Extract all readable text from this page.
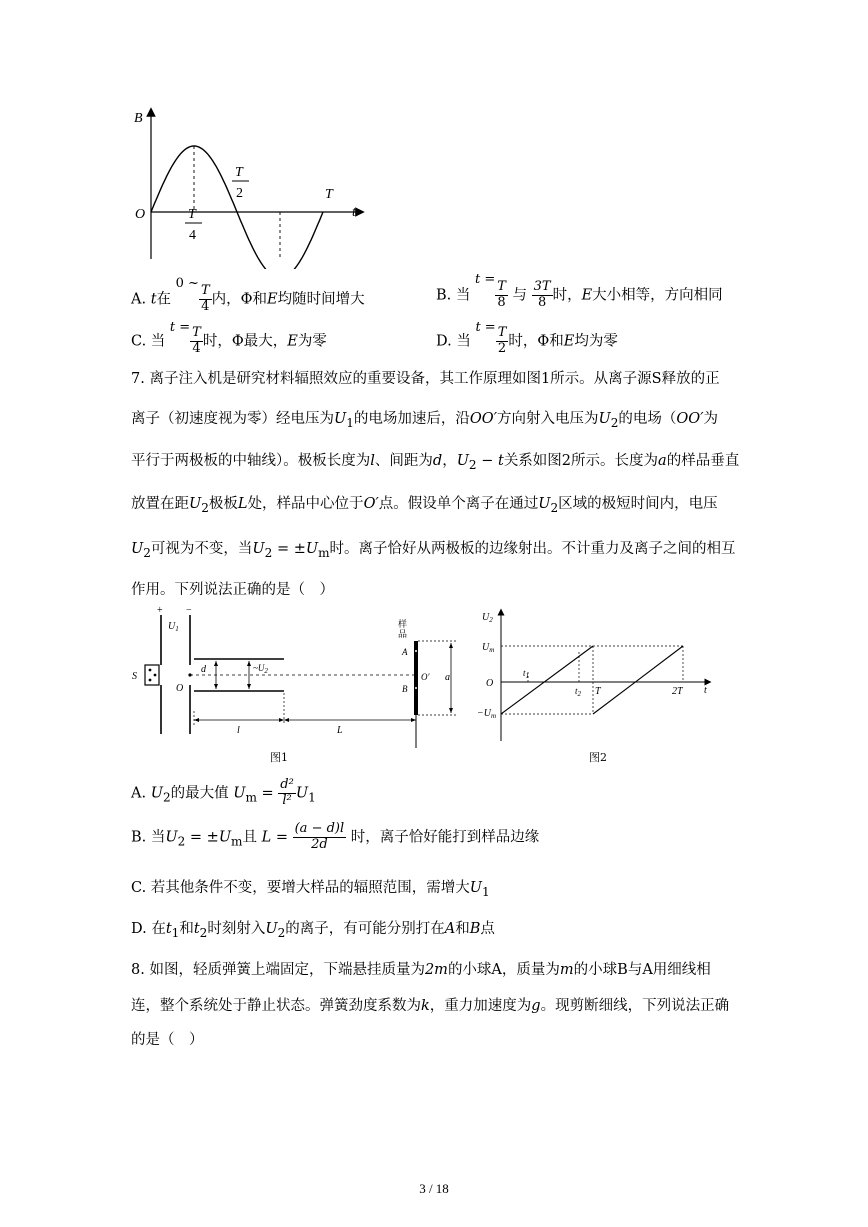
B
t
O	T
4
T
2	T
A. t在 0 ~
$\frac{T}{4}$ 内，Φ和E均随时间增大	B. 当 t =
$\frac{T}{8}$ 与 $\frac{3T}{8}$ 时，E大小相等，方向相同
C. 当 $t = \frac{T}{4}$ 时，Φ最大，E为零	D. 当 $t = \frac{T}{2}$ 时，Φ和E均为零
7. 离子注入机是研究材料辐照效应的重要设备，其工作原理如图1所示。从离子源S释放的正
离子（初速度视为零）经电压为$U_1$的电场加速后，沿OO′方向射入电压为$U_2$的电场（OO′为
平行于两极板的中轴线）。极板长度为l、间距为d，$U_2 - t$关系如图2所示。长度为a的样品垂直
放置在距$U_2$极板L处，样品中心位于O′点。假设单个离子在通过$U_2$区域的极短时间内，电压
$U_2$可视为不变，当$U_2 = \pm U_m$时。离子恰好从两极板的边缘射出。不计重力及离子之间的相互
作用。下列说法正确的是（　）
+ −
$U_1$
S
O
d	$\sim U_2$
l	L
样
品
A
B
O′ a
图1
$U_2$
$U_m$
$-U_m$
O
$t_1$
$t_2$ T	2T t
图2
A. $U_2$的最大值 $U_m = \frac{\text{d²}}{\text{l²}} U_1$
B. 当$U_2 = \pm U_m$且 $L = \frac{(a - d)l}{2d}$ 时，离子恰好能打到样品边缘
C. 若其他条件不变，要增大样品的辐照范围，需增大$U_1$
D. 在$t_1$和$t_2$时刻射入$U_2$的离子，有可能分别打在A和B点
8. 如图，轻质弹簧上端固定，下端悬挂质量为2m的小球A，质量为m的小球B与A用细线相
连，整个系统处于静止状态。弹簧劲度系数为k，重力加速度为g。现剪断细线，下列说法正确
的是（　）
3 / 18
